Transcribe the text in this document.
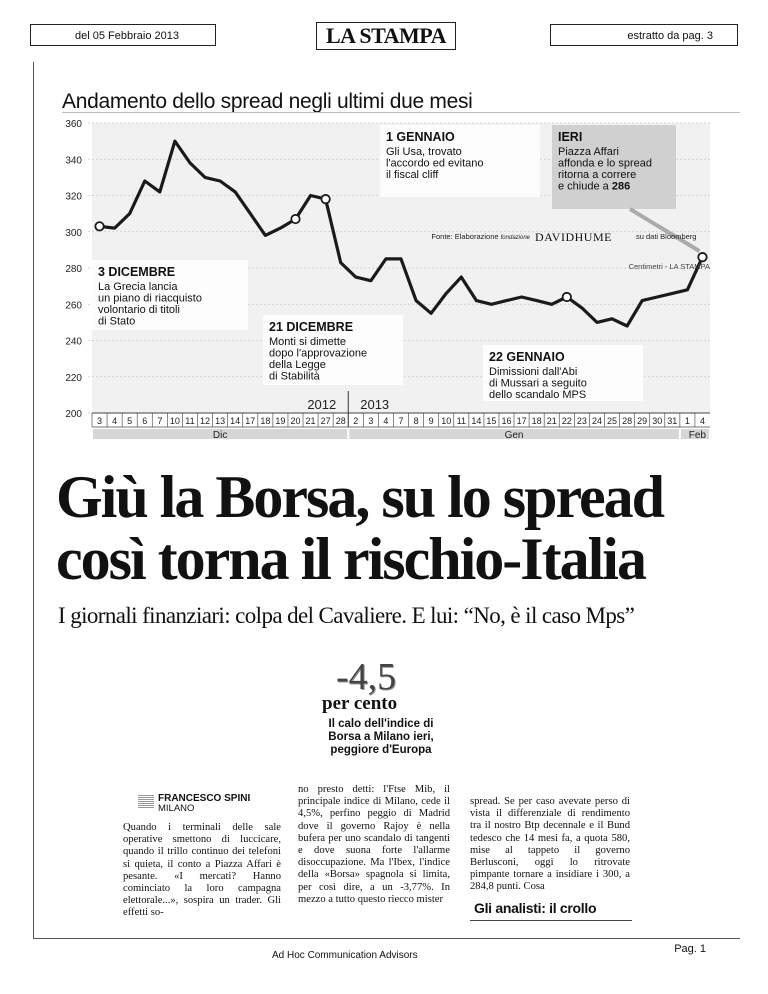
del 05 Febbraio 2013	LA STAMPA	estratto da pag. 3
Andamento dello spread negli ultimi due mesi
200
220
240
260
280
300
320
340
360
3 4 5 6 7 10 11 12 13 14 17 18 19 20 21 27 28 2 3 4 7 8 9 10 11 14 15 16 17 18 21 22 23 24 25 28 29 30 31 1 4
Dic	Gen	Feb
2012 2013
1 GENNAIO
Gli Usa, trovato
l'accordo ed evitano
il fiscal cliff
IERI
Piazza Affari
affonda e lo spread
ritorna a correre
e chiude a 286
3 DICEMBRE
La Grecia lancia
un piano di riacquisto
volontario di titoli
di Stato	21 DICEMBRE
Monti si dimette
dopo l'approvazione
della Legge
di Stabilità
22 GENNAIO
Dimissioni dall'Abi
di Mussari a seguito
dello scandalo MPS
Fonte: Elaborazione fondazione DAVIDHUME	su dati Bloomberg
Centimetri - LA STAMPA
Giù la Borsa, su lo spread
così torna il rischio-Italia
I giornali finanziari: colpa del Cavaliere. E lui: “No, è il caso Mps”
-4,5
per cento
Il calo dell'indice di
Borsa a Milano ieri,
peggiore d'Europa
FRANCESCO SPINI
MILANO
Quando i terminali delle sale operative smettono di luccicare, quando il trillo continuo dei telefoni si quieta, il conto a Piazza Affari è pesante. «I mercati? Hanno cominciato la loro campagna elettorale...», sospira un trader. Gli effetti so-
no presto detti: l'Ftse Mib, il principale indice di Milano, cede il 4,5%, perfino peggio di Madrid dove il governo Rajoy è nella bufera per uno scandalo di tangenti e dove suona forte l'allarme disoccupazione. Ma l'Ibex, l'indice della «Borsa» spagnola si limita, per così dire, a un -3,77%. In mezzo a tutto questo riecco mister
spread. Se per caso avevate perso di vista il differenziale di rendimento tra il nostro Btp decennale e il Bund tedesco che 14 mesi fa, a quota 580, mise al tappeto il governo Berlusconi, oggi lo ritrovate pimpante tornare a insidiare i 300, a 284,8 punti. Cosa
Gli analisti: il crollo
Ad Hoc Communication Advisors
Pag. 1
